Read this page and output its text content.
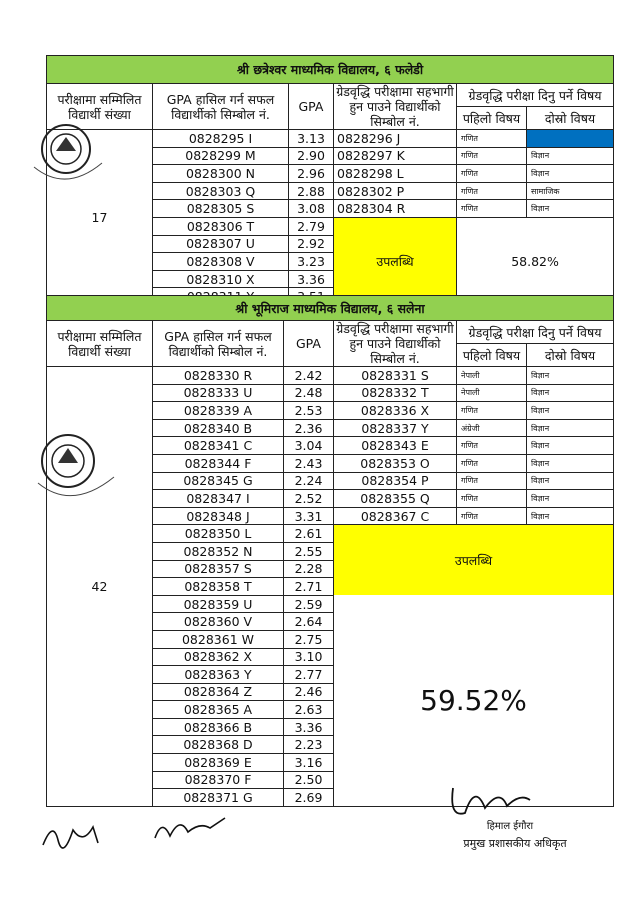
श्री छत्रेश्वर माध्यमिक विद्यालय, ६ फलेडी					
परीक्षामा सम्मिलित विद्यार्थी संख्या	GPA हासिल गर्न सफल विद्यार्थीको सिम्बोल नं.	GPA	ग्रेडवृद्धि परीक्षामा सहभागी हुन पाउने विद्यार्थीको सिम्बोल नं.	ग्रेडवृद्धि परीक्षा दिनु पर्ने विषय	
				पहिलो विषय	दोस्रो विषय
17	0828295 I	3.13	0828296 J	गणित	
	0828299 M	2.90	0828297 K	गणित	विज्ञान
	0828300 N	2.96	0828298 L	गणित	विज्ञान
	0828303 Q	2.88	0828302 P	गणित	सामाजिक
	0828305 S	3.08	0828304 R	गणित	विज्ञान
	0828306 T	2.79	उपलब्धि	58.82%	
	0828307 U	2.92			
	0828308 V	3.23			
	0828310 X	3.36			

श्री भूमिराज माध्यमिक विद्यालय, ६ सलेना					
परीक्षामा सम्मिलित विद्यार्थी संख्या	GPA हासिल गर्न सफल विद्यार्थीको सिम्बोल नं.	GPA	ग्रेडवृद्धि परीक्षामा सहभागी हुन पाउने विद्यार्थीको सिम्बोल नं.	ग्रेडवृद्धि परीक्षा दिनु पर्ने विषय	
				पहिलो विषय	दोस्रो विषय
42	0828330 R	2.42	0828331 S	नेपाली	विज्ञान
	0828333 U	2.48	0828332 T	नेपाली	विज्ञान
	0828339 A	2.53	0828336 X	गणित	विज्ञान
	0828340 B	2.36	0828337 Y	अंग्रेजी	विज्ञान
	0828341 C	3.04	0828343 E	गणित	विज्ञान
	0828344 F	2.43	0828353 O	गणित	विज्ञान
	0828345 G	2.24	0828354 P	गणित	विज्ञान
	0828347 I	2.52	0828355 Q	गणित	विज्ञान
	0828348 J	3.31	0828367 C	गणित	विज्ञान
	0828350 L	2.61	उपलब्धि		
	0828352 N	2.55			
	0828357 S	2.28			
	0828358 T	2.71			
	0828359 U	2.59	59.52%		
	0828360 V	2.64			
	0828361 W	2.75			
	0828362 X	3.10			
	0828363 Y	2.77			
	0828364 Z	2.46			
	0828365 A	2.63			
	0828366 B	3.36			
	0828368 D	2.23			
	0828369 E	3.16			
	0828370 F	2.50			
	0828371 G	2.69			
हिमाल ईगौरा
प्रमुख प्रशासकीय अधिकृत
